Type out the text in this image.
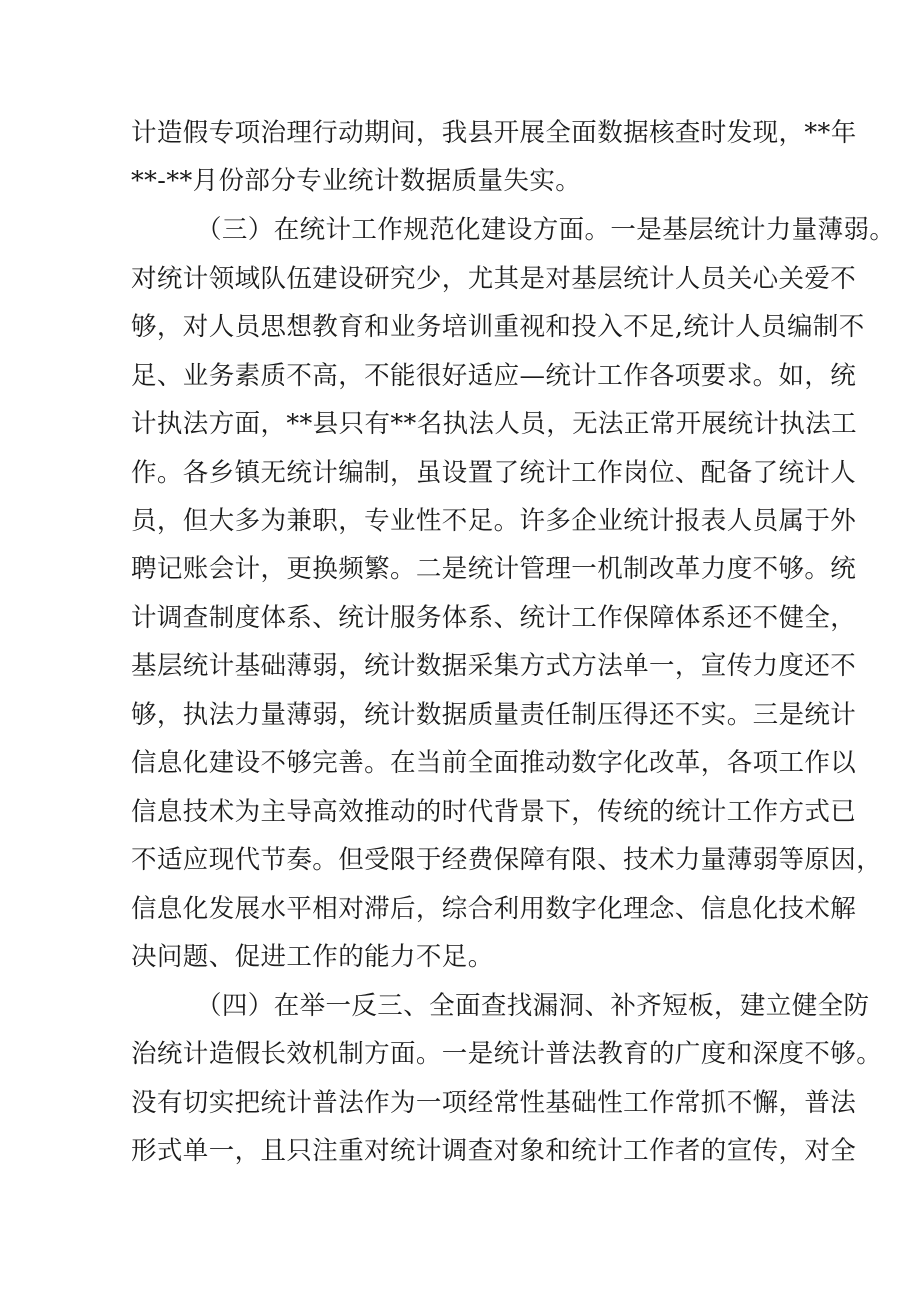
计造假专项治理行动期间，我县开展全面数据核查时发现，**年
**-**月份部分专业统计数据质量失实。
（三）在统计工作规范化建设方面。一是基层统计力量薄弱。
对统计领域队伍建设研究少，尤其是对基层统计人员关心关爱不
够，对人员思想教育和业务培训重视和投入不足,统计人员编制不
足、业务素质不高，不能很好适应—统计工作各项要求。如，统
计执法方面，**县只有**名执法人员，无法正常开展统计执法工
作。各乡镇无统计编制，虽设置了统计工作岗位、配备了统计人
员，但大多为兼职，专业性不足。许多企业统计报表人员属于外
聘记账会计，更换频繁。二是统计管理一机制改革力度不够。统
计调查制度体系、统计服务体系、统计工作保障体系还不健全，
基层统计基础薄弱，统计数据采集方式方法单一，宣传力度还不
够，执法力量薄弱，统计数据质量责任制压得还不实。三是统计
信息化建设不够完善。在当前全面推动数字化改革，各项工作以
信息技术为主导高效推动的时代背景下，传统的统计工作方式已
不适应现代节奏。但受限于经费保障有限、技术力量薄弱等原因，
信息化发展水平相对滞后，综合利用数字化理念、信息化技术解
决问题、促进工作的能力不足。
（四）在举一反三、全面查找漏洞、补齐短板，建立健全防
治统计造假长效机制方面。一是统计普法教育的广度和深度不够。
没有切实把统计普法作为一项经常性基础性工作常抓不懈，普法
形式单一，且只注重对统计调查对象和统计工作者的宣传，对全
